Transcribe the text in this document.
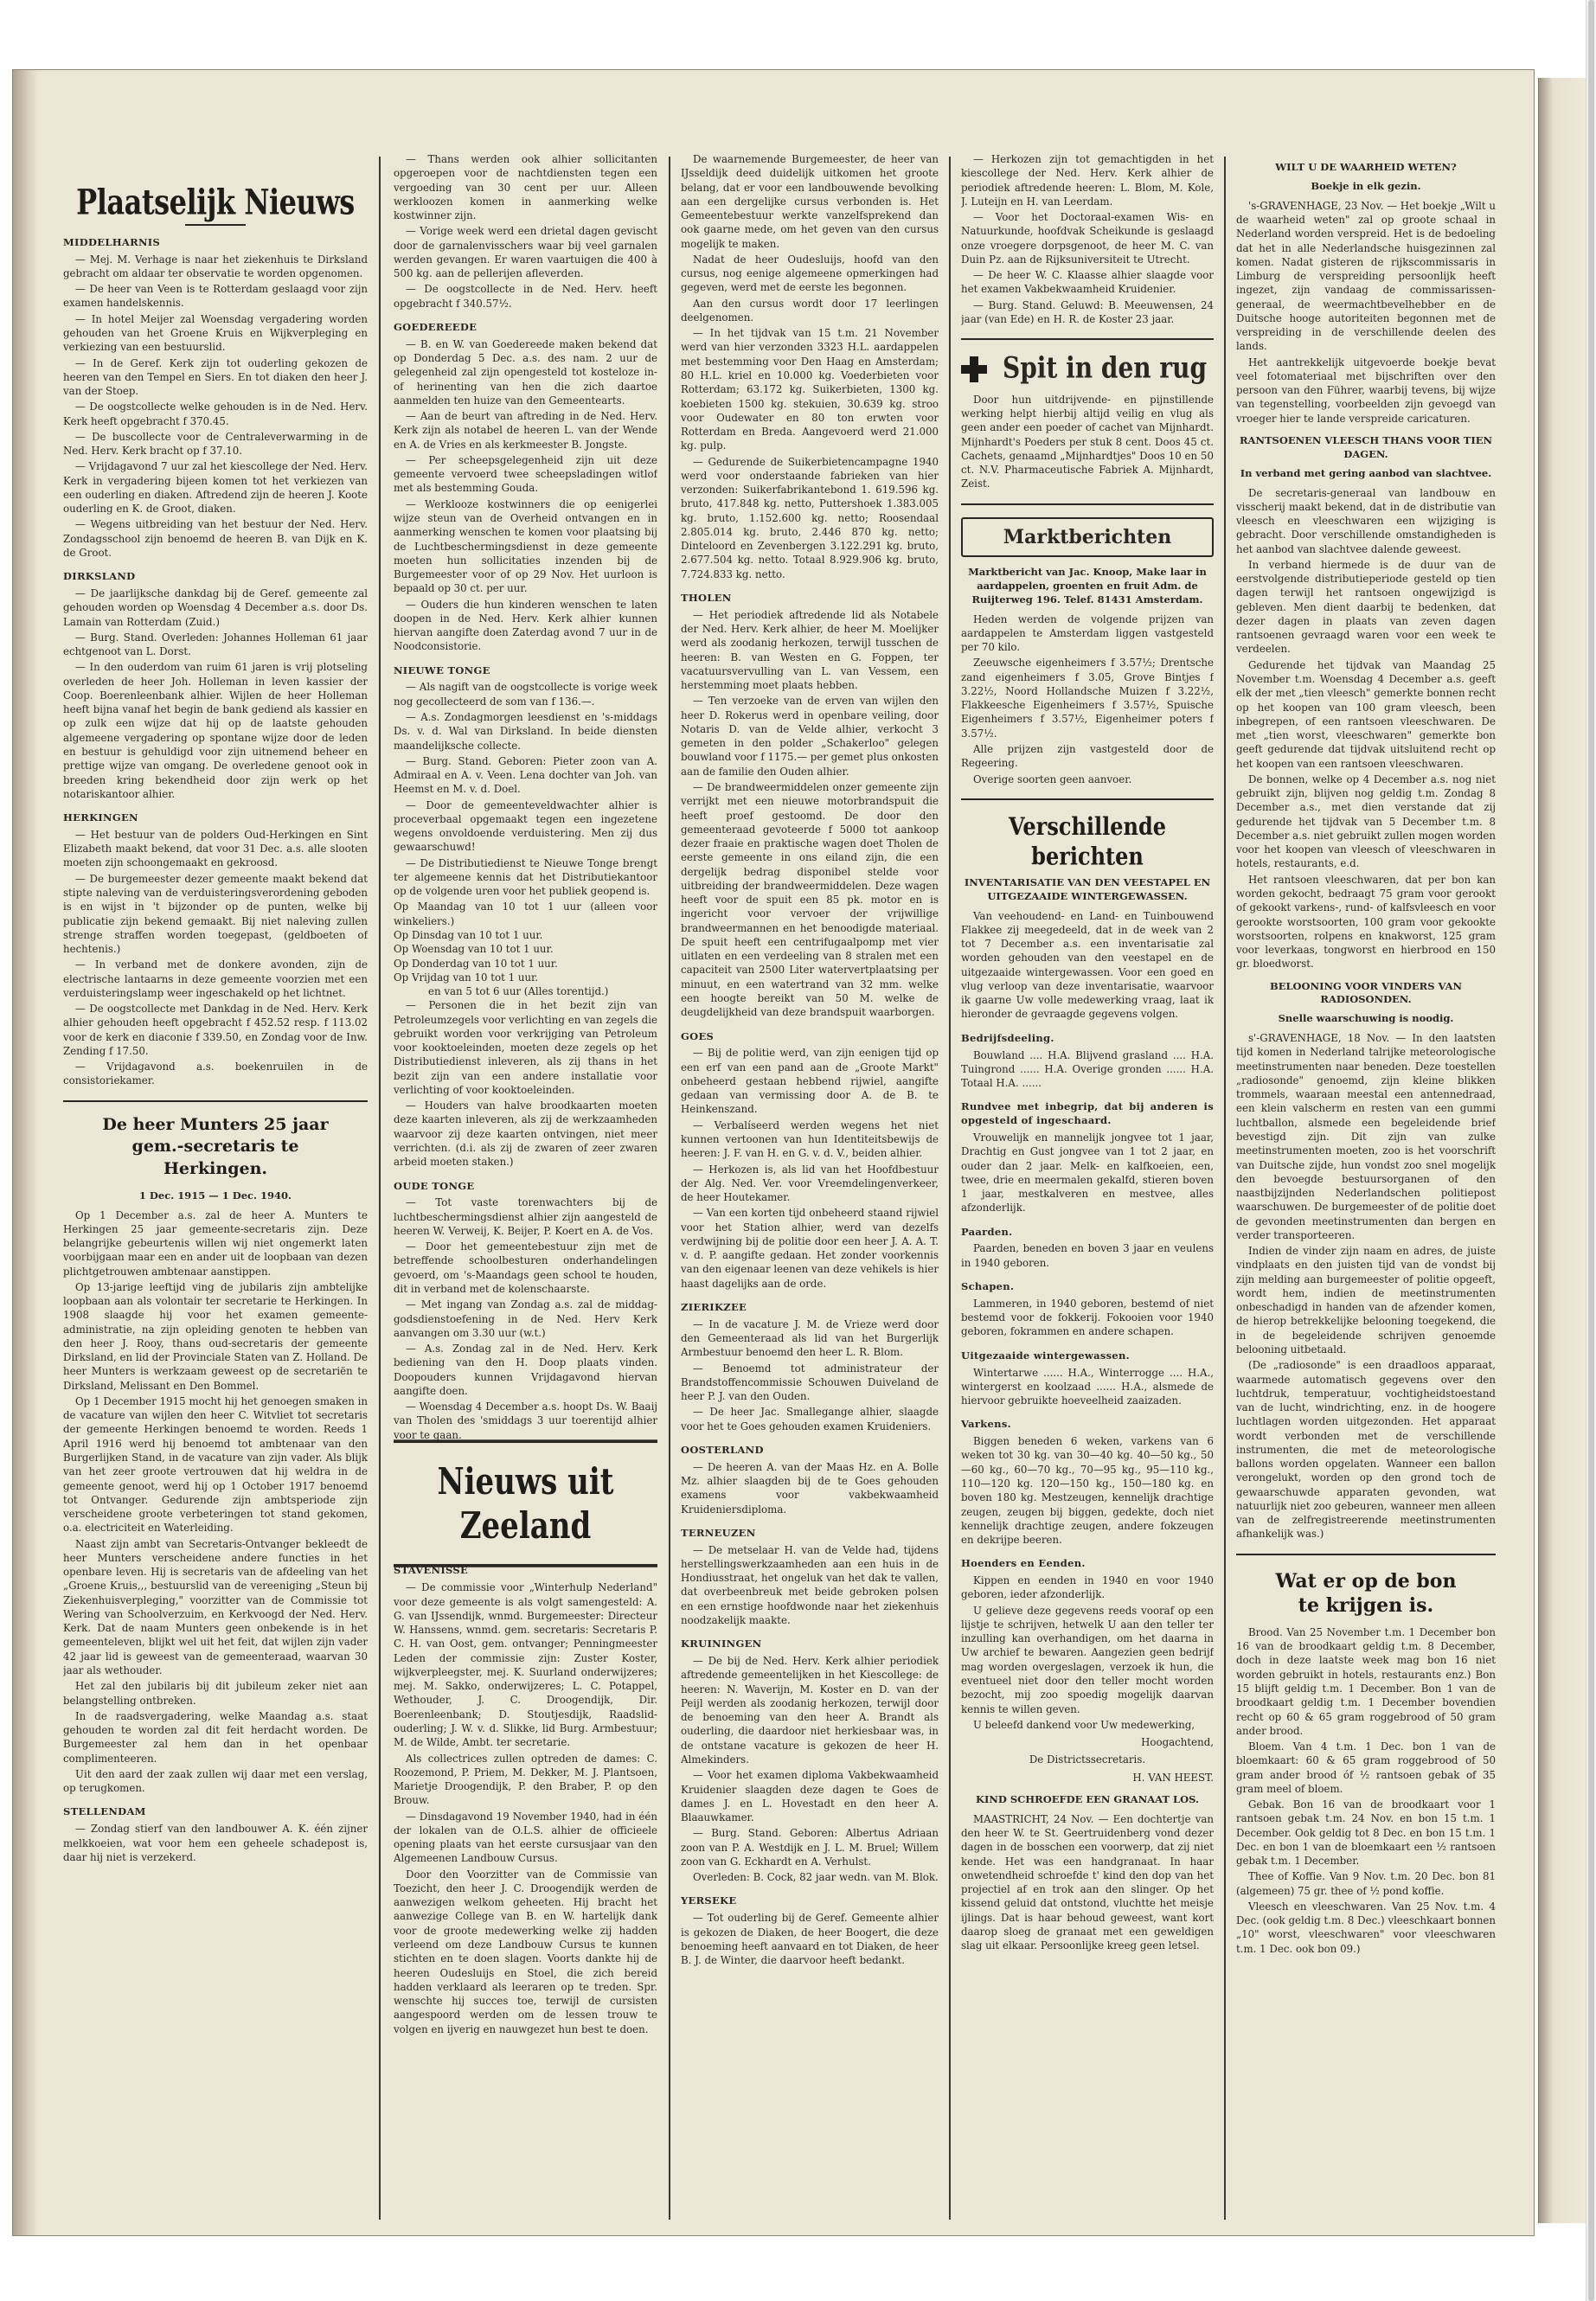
Plaatselijk Nieuws
MIDDELHARNIS

— Mej. M. Verhage is naar het ziekenhuis te Dirksland gebracht om aldaar ter observatie te worden opgenomen.

— De heer van Veen is te Rotterdam geslaagd voor zijn examen handelskennis.

— In hotel Meijer zal Woensdag vergadering worden gehouden van het Groene Kruis en Wijkverpleging en verkiezing van een bestuurslid.

— In de Geref. Kerk zijn tot ouderling gekozen de heeren van den Tempel en Siers. En tot diaken den heer J. van der Stoep.

— De oogstcollecte welke gehouden is in de Ned. Herv. Kerk heeft opgebracht f 370.45.

— De buscollecte voor de Centraleverwarming in de Ned. Herv. Kerk bracht op f 37.10.

— Vrijdagavond 7 uur zal het kiescollege der Ned. Herv. Kerk in vergadering bijeen komen tot het verkiezen van een ouderling en diaken. Aftredend zijn de heeren J. Koote ouderling en K. de Groot, diaken.

— Wegens uitbreiding van het bestuur der Ned. Herv. Zondagsschool zijn benoemd de heeren B. van Dijk en K. de Groot.

DIRKSLAND

— De jaarlijksche dankdag bij de Geref. gemeente zal gehouden worden op Woensdag 4 December a.s. door Ds. Lamain van Rotterdam (Zuid.)

— Burg. Stand. Overleden: Johannes Holleman 61 jaar echtgenoot van L. Dorst.

— In den ouderdom van ruim 61 jaren is vrij plotseling overleden de heer Joh. Holleman in leven kassier der Coop. Boerenleenbank alhier. Wijlen de heer Holleman heeft bijna vanaf het begin de bank gediend als kassier en op zulk een wijze dat hij op de laatste gehouden algemeene vergadering op spontane wijze door de leden en bestuur is gehuldigd voor zijn uitnemend beheer en prettige wijze van omgang. De overledene genoot ook in breeden kring bekendheid door zijn werk op het notariskantoor alhier.

HERKINGEN

— Het bestuur van de polders Oud-Herkingen en Sint Elizabeth maakt bekend, dat voor 31 Dec. a.s. alle slooten moeten zijn schoongemaakt en gekroosd.

— De burgemeester dezer gemeente maakt bekend dat stipte naleving van de verduisteringsverordening geboden is en wijst in 't bijzonder op de punten, welke bij publicatie zijn bekend gemaakt. Bij niet naleving zullen strenge straffen worden toegepast, (geldboeten of hechtenis.)

— In verband met de donkere avonden, zijn de electrische lantaarns in deze gemeente voorzien met een verduisteringslamp weer ingeschakeld op het lichtnet.

— De oogstcollecte met Dankdag in de Ned. Herv. Kerk alhier gehouden heeft opgebracht f 452.52 resp. f 113.02 voor de kerk en diaconie f 339.50, en Zondag voor de Inw. Zending f 17.50.

— Vrijdagavond a.s. boekenruilen in de consistoriekamer.

De heer Munters 25 jaar
gem.-secretaris te
Herkingen.
1 Dec. 1915 — 1 Dec. 1940.

Op 1 December a.s. zal de heer A. Munters te Herkingen 25 jaar gemeente-secretaris zijn. Deze belangrijke gebeurtenis willen wij niet ongemerkt laten voorbijgaan maar een en ander uit de loopbaan van dezen plichtgetrouwen ambtenaar aanstippen.

Op 13-jarige leeftijd ving de jubilaris zijn ambtelijke loopbaan aan als volontair ter secretarie te Herkingen. In 1908 slaagde hij voor het examen gemeente-administratie, na zijn opleiding genoten te hebben van den heer J. Rooy, thans oud-secretaris der gemeente Dirksland, en lid der Provinciale Staten van Z. Holland. De heer Munters is werkzaam geweest op de secretariën te Dirksland, Melissant en Den Bommel.

Op 1 December 1915 mocht hij het genoegen smaken in de vacature van wijlen den heer C. Witvliet tot secretaris der gemeente Herkingen benoemd te worden. Reeds 1 April 1916 werd hij benoemd tot ambtenaar van den Burgerlijken Stand, in de vacature van zijn vader. Als blijk van het zeer groote vertrouwen dat hij weldra in de gemeente genoot, werd hij op 1 October 1917 benoemd tot Ontvanger. Gedurende zijn ambtsperiode zijn verscheidene groote verbeteringen tot stand gekomen, o.a. electriciteit en Waterleiding.

Naast zijn ambt van Secretaris-Ontvanger bekleedt de heer Munters verscheidene andere functies in het openbare leven. Hij is secretaris van de afdeeling van het „Groene Kruis,,, bestuurslid van de vereeniging „Steun bij Ziekenhuisverpleging," voorzitter van de Commissie tot Wering van Schoolverzuim, en Kerkvoogd der Ned. Herv. Kerk. Dat de naam Munters geen onbekende is in het gemeenteleven, blijkt wel uit het feit, dat wijlen zijn vader 42 jaar lid is geweest van de gemeenteraad, waarvan 30 jaar als wethouder.

Het zal den jubilaris bij dit jubileum zeker niet aan belangstelling ontbreken.

In de raadsvergadering, welke Maandag a.s. staat gehouden te worden zal dit feit herdacht worden. De Burgemeester zal hem dan in het openbaar complimenteeren.

Uit den aard der zaak zullen wij daar met een verslag, op terugkomen.

STELLENDAM

— Zondag stierf van den landbouwer A. K. één zijner melkkoeien, wat voor hem een geheele schadepost is, daar hij niet is verzekerd.

— Thans werden ook alhier sollicitanten opgeroepen voor de nachtdiensten tegen een vergoeding van 30 cent per uur. Alleen werkloozen komen in aanmerking welke kostwinner zijn.

— Vorige week werd een drietal dagen gevischt door de garnalenvisschers waar bij veel garnalen werden gevangen. Er waren vaartuigen die 400 à 500 kg. aan de pellerijen afleverden.

— De oogstcollecte in de Ned. Herv. heeft opgebracht f 340.57½.

GOEDEREEDE

— B. en W. van Goedereede maken bekend dat op Donderdag 5 Dec. a.s. des nam. 2 uur de gelegenheid zal zijn opengesteld tot kosteloze in- of herinenting van hen die zich daartoe aanmelden ten huize van den Gemeentearts.

— Aan de beurt van aftreding in de Ned. Herv. Kerk zijn als notabel de heeren L. van der Wende en A. de Vries en als kerkmeester B. Jongste.

— Per scheepsgelegenheid zijn uit deze gemeente vervoerd twee scheepsladingen witlof met als bestemming Gouda.

— Werklooze kostwinners die op eenigerlei wijze steun van de Overheid ontvangen en in aanmerking wenschen te komen voor plaatsing bij de Luchtbeschermingsdienst in deze gemeente moeten hun sollicitaties inzenden bij de Burgemeester voor of op 29 Nov. Het uurloon is bepaald op 30 ct. per uur.

— Ouders die hun kinderen wenschen te laten doopen in de Ned. Herv. Kerk alhier kunnen hiervan aangifte doen Zaterdag avond 7 uur in de Noodconsistorie.

NIEUWE TONGE

— Als nagift van de oogstcollecte is vorige week nog gecollecteerd de som van f 136.—.

— A.s. Zondagmorgen leesdienst en 's-middags Ds. v. d. Wal van Dirksland. In beide diensten maandelijksche collecte.

— Burg. Stand. Geboren: Pieter zoon van A. Admiraal en A. v. Veen. Lena dochter van Joh. van Heemst en M. v. d. Doel.

— Door de gemeenteveldwachter alhier is proceverbaal opgemaakt tegen een ingezetene wegens onvoldoende verduistering. Men zij dus gewaarschuwd!

— De Distributiedienst te Nieuwe Tonge brengt ter algemeene kennis dat het Distributiekantoor op de volgende uren voor het publiek geopend is.

Op Maandag van 10 tot 1 uur (alleen voor winkeliers.)
Op Dinsdag van 10 tot 1 uur.
Op Woensdag van 10 tot 1 uur.
Op Donderdag van 10 tot 1 uur.
Op Vrijdag van 10 tot 1 uur.
en van 5 tot 6 uur (Alles torentijd.)

— Personen die in het bezit zijn van Petroleumzegels voor verlichting en van zegels die gebruikt worden voor verkrijging van Petroleum voor kooktoeleinden, moeten deze zegels op het Distributiedienst inleveren, als zij thans in het bezit zijn van een andere installatie voor verlichting of voor kooktoeleinden.

— Houders van halve broodkaarten moeten deze kaarten inleveren, als zij de werkzaamheden waarvoor zij deze kaarten ontvingen, niet meer verrichten. (d.i. als zij de zwaren of zeer zwaren arbeid moeten staken.)

OUDE TONGE

— Tot vaste torenwachters bij de luchtbeschermingsdienst alhier zijn aangesteld de heeren W. Verweij, K. Beijer, P. Koert en A. de Vos.

— Door het gemeentebestuur zijn met de betreffende schoolbesturen onderhandelingen gevoerd, om 's-Maandags geen school te houden, dit in verband met de kolenschaarste.

— Met ingang van Zondag a.s. zal de middag-godsdienstoefening in de Ned. Herv Kerk aanvangen om 3.30 uur (w.t.)

— A.s. Zondag zal in de Ned. Herv. Kerk bediening van den H. Doop plaats vinden. Doopouders kunnen Vrijdagavond hiervan aangifte doen.

— Woensdag 4 December a.s. hoopt Ds. W. Baaij van Tholen des 'smiddags 3 uur toerentijd alhier voor te gaan.

Nieuws uit Zeeland
STAVENISSE

— De commissie voor „Winterhulp Nederland" voor deze gemeente is als volgt samengesteld: A. G. van IJssendijk, wnmd. Burgemeester: Directeur W. Hanssens, wnmd. gem. secretaris: Secretaris P. C. H. van Oost, gem. ontvanger; Penningmeester Leden der commissie zijn: Zuster Koster, wijkverpleegster, mej. K. Suurland onderwijzeres; mej. M. Sakko, onderwijzeres; L. C. Potappel, Wethouder, J. C. Droogendijk, Dir. Boerenleenbank; D. Stoutjesdijk, Raadslid-ouderling; J. W. v. d. Slikke, lid Burg. Armbestuur; M. de Wilde, Ambt. ter secretarie.

Als collectrices zullen optreden de dames: C. Roozemond, P. Priem, M. Dekker, M. J. Plantsoen, Marietje Droogendijk, P. den Braber, P. op den Brouw.

— Dinsdagavond 19 November 1940, had in één der lokalen van de O.L.S. alhier de officieele opening plaats van het eerste cursusjaar van den Algemeenen Landbouw Cursus.

Door den Voorzitter van de Commissie van Toezicht, den heer J. C. Droogendijk werden de aanwezigen welkom geheeten. Hij bracht het aanwezige College van B. en W. hartelijk dank voor de groote medewerking welke zij hadden verleend om deze Landbouw Cursus te kunnen stichten en te doen slagen. Voorts dankte hij de heeren Oudesluijs en Stoel, die zich bereid hadden verklaard als leeraren op te treden. Spr. wenschte hij succes toe, terwijl de cursisten aangespoord werden om de lessen trouw te volgen en ijverig en nauwgezet hun best te doen.

De waarnemende Burgemeester, de heer van IJsseldijk deed duidelijk uitkomen het groote belang, dat er voor een landbouwende bevolking aan een dergelijke cursus verbonden is. Het Gemeentebestuur werkte vanzelfsprekend dan ook gaarne mede, om het geven van den cursus mogelijk te maken.

Nadat de heer Oudesluijs, hoofd van den cursus, nog eenige algemeene opmerkingen had gegeven, werd met de eerste les begonnen.

Aan den cursus wordt door 17 leerlingen deelgenomen.

— In het tijdvak van 15 t.m. 21 November werd van hier verzonden 3323 H.L. aardappelen met bestemming voor Den Haag en Amsterdam; 80 H.L. kriel en 10.000 kg. Voederbieten voor Rotterdam; 63.172 kg. Suikerbieten, 1300 kg. koebieten 1500 kg. stekuien, 30.639 kg. stroo voor Oudewater en 80 ton erwten voor Rotterdam en Breda. Aangevoerd werd 21.000 kg. pulp.

— Gedurende de Suikerbietencampagne 1940 werd voor onderstaande fabrieken van hier verzonden: Suikerfabrikantebond 1. 619.596 kg. bruto, 417.848 kg. netto, Puttershoek 1.383.005 kg. bruto, 1.152.600 kg. netto; Roosendaal 2.805.014 kg. bruto, 2.446 870 kg. netto; Dinteloord en Zevenbergen 3.122.291 kg. bruto, 2.677.504 kg. netto. Totaal 8.929.906 kg. bruto, 7.724.833 kg. netto.

THOLEN

— Het periodiek aftredende lid als Notabele der Ned. Herv. Kerk alhier, de heer M. Moelijker werd als zoodanig herkozen, terwijl tusschen de heeren: B. van Westen en G. Foppen, ter vacatuursvervulling van L. van Vessem, een herstemming moet plaats hebben.

— Ten verzoeke van de erven van wijlen den heer D. Rokerus werd in openbare veiling, door Notaris D. van de Velde alhier, verkocht 3 gemeten in den polder „Schakerloo" gelegen bouwland voor f 1175.— per gemet plus onkosten aan de familie den Ouden alhier.

— De brandweermiddelen onzer gemeente zijn verrijkt met een nieuwe motorbrandspuit die heeft proef gestoomd. De door den gemeenteraad gevoteerde f 5000 tot aankoop dezer fraaie en praktische wagen doet Tholen de eerste gemeente in ons eiland zijn, die een dergelijk bedrag disponibel stelde voor uitbreiding der brandweermiddelen. Deze wagen heeft voor de spuit een 85 pk. motor en is ingericht voor vervoer der vrijwillige brandweermannen en het benoodigde materiaal. De spuit heeft een centrifugaalpomp met vier uitlaten en een verdeeling van 8 stralen met een capaciteit van 2500 Liter watervertplaatsing per minuut, en een watertrand van 32 mm. welke een hoogte bereikt van 50 M. welke de deugdelijkheid van deze brandspuit waarborgen.

GOES

— Bij de politie werd, van zijn eenigen tijd op een erf van een pand aan de „Groote Markt" onbeheerd gestaan hebbend rijwiel, aangifte gedaan van vermissing door A. de B. te Heinkenszand.

— Verbalíseerd werden wegens het niet kunnen vertoonen van hun Identiteitsbewijs de heeren: J. F. van H. en G. v. d. V., beiden alhier.

— Herkozen is, als lid van het Hoofdbestuur der Alg. Ned. Ver. voor Vreemdelingenverkeer, de heer Houtekamer.

— Van een korten tijd onbeheerd staand rijwiel voor het Station alhier, werd van dezelfs verdwijning bij de politie door een heer J. A. A. T. v. d. P. aangifte gedaan. Het zonder voorkennis van den eigenaar leenen van deze vehikels is hier haast dagelijks aan de orde.

ZIERIKZEE

— In de vacature J. M. de Vrieze werd door den Gemeenteraad als lid van het Burgerlijk Armbestuur benoemd den heer L. R. Blom.

— Benoemd tot administrateur der Brandstoffencommissie Schouwen Duiveland de heer P. J. van den Ouden.

— De heer Jac. Smallegange alhier, slaagde voor het te Goes gehouden examen Kruideniers.

OOSTERLAND

— De heeren A. van der Maas Hz. en A. Bolle Mz. alhier slaagden bij de te Goes gehouden examens voor vakbekwaamheid Kruideniersdiploma.

TERNEUZEN

— De metselaar H. van de Velde had, tijdens herstellingswerkzaamheden aan een huis in de Hondiusstraat, het ongeluk van het dak te vallen, dat overbeenbreuk met beide gebroken polsen en een ernstige hoofdwonde naar het ziekenhuis noodzakelijk maakte.

KRUININGEN

— De bij de Ned. Herv. Kerk alhier periodiek aftredende gemeentelijken in het Kiescollege: de heeren: N. Waverijn, M. Koster en D. van der Peijl werden als zoodanig herkozen, terwijl door de benoeming van den heer A. Brandt als ouderling, die daardoor niet herkiesbaar was, in de ontstane vacature is gekozen de heer H. Almekinders.

— Voor het examen diploma Vakbekwaamheid Kruidenier slaagden deze dagen te Goes de dames J. en L. Hovestadt en den heer A. Blaauwkamer.

— Burg. Stand. Geboren: Albertus Adriaan zoon van P. A. Westdijk en J. L. M. Bruel; Willem zoon van G. Eckhardt en A. Verhulst.

Overleden: B. Cock, 82 jaar wedn. van M. Blok.

YERSEKE

— Tot ouderling bij de Geref. Gemeente alhier is gekozen de Diaken, de heer Boogert, die deze benoeming heeft aanvaard en tot Diaken, de heer B. J. de Winter, die daarvoor heeft bedankt.

— Herkozen zijn tot gemachtigden in het kiescollege der Ned. Herv. Kerk alhier de periodiek aftredende heeren: L. Blom, M. Kole, J. Luteijn en H. van Leerdam.

— Voor het Doctoraal-examen Wis- en Natuurkunde, hoofdvak Scheikunde is geslaagd onze vroegere dorpsgenoot, de heer M. C. van Duin Pz. aan de Rijksuniversiteit te Utrecht.

— De heer W. C. Klaasse alhier slaagde voor het examen Vakbekwaamheid Kruidenier.

— Burg. Stand. Geluwd: B. Meeuwensen, 24 jaar (van Ede) en H. R. de Koster 23 jaar.

Spit in den rug

Door hun uitdrijvende- en pijnstillende werking helpt hierbij altijd veilig en vlug als geen ander een poeder of cachet van Mijnhardt. Mijnhardt's Poeders per stuk 8 cent. Doos 45 ct. Cachets, genaamd „Mijnhardtjes" Doos 10 en 50 ct. N.V. Pharmaceutische Fabriek A. Mijnhardt, Zeist.

Marktberichten
Marktbericht van Jac. Knoop, Make laar in aardappelen, groenten en fruit Adm. de Ruijterweg 196. Telef. 81431 Amsterdam.

Heden werden de volgende prijzen van aardappelen te Amsterdam liggen vastgesteld per 70 kilo.

Zeeuwsche eigenheimers f 3.57½; Drentsche zand eigenheimers f 3.05, Grove Bintjes f 3.22½, Noord Hollandsche Muizen f 3.22½, Flakkeesche Eigenheimers f 3.57½, Spuische Eigenheimers f 3.57½, Eigenheimer poters f 3.57½.

Alle prijzen zijn vastgesteld door de Regeering.

Overige soorten geen aanvoer.

Verschillende berichten
INVENTARISATIE VAN DEN VEESTAPEL EN UITGEZAAIDE WINTERGEWASSEN.

Van veehoudend- en Land- en Tuinbouwend Flakkee zij meegedeeld, dat in de week van 2 tot 7 December a.s. een inventarisatie zal worden gehouden van den veestapel en de uitgezaaide wintergewassen. Voor een goed en vlug verloop van deze inventarisatie, waarvoor ik gaarne Uw volle medewerking vraag, laat ik hieronder de gevraagde gegevens volgen.

Bedrijfsdeeling.

Bouwland .... H.A. Blijvend grasland .... H.A. Tuingrond ...... H.A. Overige gronden ...... H.A. Totaal H.A. ......

Rundvee met inbegrip, dat bij anderen is opgesteld of ingeschaard.

Vrouwelijk en mannelijk jongvee tot 1 jaar, Drachtig en Gust jongvee van 1 tot 2 jaar, en ouder dan 2 jaar. Melk- en kalfkoeien, een, twee, drie en meermalen gekalfd, stieren boven 1 jaar, mestkalveren en mestvee, alles afzonderlijk.

Paarden.

Paarden, beneden en boven 3 jaar en veulens in 1940 geboren.

Schapen.

Lammeren, in 1940 geboren, bestemd of niet bestemd voor de fokkerij. Fokooien voor 1940 geboren, fokrammen en andere schapen.

Uitgezaaide wintergewassen.

Wintertarwe ...... H.A., Winterrogge .... H.A., wintergerst en koolzaad ...... H.A., alsmede de hiervoor gebruikte hoeveelheid zaaizaden.

Varkens.

Biggen beneden 6 weken, varkens van 6 weken tot 30 kg. van 30—40 kg. 40—50 kg., 50—60 kg., 60—70 kg., 70—95 kg., 95—110 kg., 110—120 kg. 120—150 kg., 150—180 kg. en boven 180 kg. Mestzeugen, kennelijk drachtige zeugen, zeugen bij biggen, gedekte, doch niet kennelijk drachtige zeugen, andere fokzeugen en dekrijpe beeren.

Hoenders en Eenden.

Kippen en eenden in 1940 en voor 1940 geboren, ieder afzonderlijk.

U gelieve deze gegevens reeds vooraf op een lijstje te schrijven, hetwelk U aan den teller ter inzulling kan overhandigen, om het daarna in Uw archief te bewaren. Aangezien geen bedrijf mag worden overgeslagen, verzoek ik hun, die eventueel niet door den teller mocht worden bezocht, mij zoo spoedig mogelijk daarvan kennis te willen geven.

U beleefd dankend voor Uw medewerking,

Hoogachtend,
De Districtssecretaris.
H. VAN HEEST.
KIND SCHROEFDE EEN GRANAAT LOS.

MAASTRICHT, 24 Nov. — Een dochtertje van den heer W. te St. Geertruidenberg vond dezer dagen in de bosschen een voorwerp, dat zij niet kende. Het was een handgranaat. In haar onwetendheid schroefde t' kind den dop van het projectiel af en trok aan den slinger. Op het kissend geluid dat ontstond, vluchtte het meisje ijlings. Dat is haar behoud geweest, want kort daarop sloeg de granaat met een geweldigen slag uit elkaar. Persoonlijke kreeg geen letsel.

WILT U DE WAARHEID WETEN?
Boekje in elk gezin.

's-GRAVENHAGE, 23 Nov. — Het boekje „Wilt u de waarheid weten" zal op groote schaal in Nederland worden verspreid. Het is de bedoeling dat het in alle Nederlandsche huisgezinnen zal komen. Nadat gisteren de rijkscommissaris in Limburg de verspreiding persoonlijk heeft ingezet, zijn vandaag de commissarissen-generaal, de weermachtbevelhebber en de Duitsche hooge autoriteiten begonnen met de verspreiding in de verschillende deelen des lands.

Het aantrekkelijk uitgevoerde boekje bevat veel fotomateriaal met bijschriften over den persoon van den Führer, waarbij tevens, bij wijze van tegenstelling, voorbeelden zijn gevoegd van vroeger hier te lande verspreide caricaturen.

RANTSOENEN VLEESCH THANS VOOR TIEN DAGEN.
In verband met gering aanbod van slachtvee.

De secretaris-generaal van landbouw en visscherij maakt bekend, dat in de distributie van vleesch en vleeschwaren een wijziging is gebracht. Door verschillende omstandigheden is het aanbod van slachtvee dalende geweest.

In verband hiermede is de duur van de eerstvolgende distributieperiode gesteld op tien dagen terwijl het rantsoen ongewijzigd is gebleven. Men dient daarbij te bedenken, dat dezer dagen in plaats van zeven dagen rantsoenen gevraagd waren voor een week te verdeelen.

Gedurende het tijdvak van Maandag 25 November t.m. Woensdag 4 December a.s. geeft elk der met „tien vleesch" gemerkte bonnen recht op het koopen van 100 gram vleesch, been inbegrepen, of een rantsoen vleeschwaren. De met „tien worst, vleeschwaren" gemerkte bon geeft gedurende dat tijdvak uitsluitend recht op het koopen van een rantsoen vleeschwaren.

De bonnen, welke op 4 December a.s. nog niet gebruikt zijn, blijven nog geldig t.m. Zondag 8 December a.s., met dien verstande dat zij gedurende het tijdvak van 5 December t.m. 8 December a.s. niet gebruikt zullen mogen worden voor het koopen van vleesch of vleeschwaren in hotels, restaurants, e.d.

Het rantsoen vleeschwaren, dat per bon kan worden gekocht, bedraagt 75 gram voor gerookt of gekookt varkens-, rund- of kalfsvleesch en voor gerookte worstsoorten, 100 gram voor gekookte worstsoorten, rolpens en knakworst, 125 gram voor leverkaas, tongworst en hierbrood en 150 gr. bloedworst.

BELOONING VOOR VINDERS VAN RADIOSONDEN.
Snelle waarschuwing is noodig.

s'-GRAVENHAGE, 18 Nov. — In den laatsten tijd komen in Nederland talrijke meteorologische meetinstrumenten naar beneden. Deze toestellen „radiosonde" genoemd, zijn kleine blikken trommels, waaraan meestal een antennedraad, een klein valscherm en resten van een gummi luchtballon, alsmede een begeleidende brief bevestigd zijn. Dit zijn van zulke meetinstrumenten moeten, zoo is het voorschrift van Duitsche zijde, hun vondst zoo snel mogelijk den bevoegde bestuursorganen of den naastbijzijnden Nederlandschen politiepost waarschuwen. De burgemeester of de politie doet de gevonden meetinstrumenten dan bergen en verder transporteeren.

Indien de vinder zijn naam en adres, de juiste vindplaats en den juisten tijd van de vondst bij zijn melding aan burgemeester of politie opgeeft, wordt hem, indien de meetinstrumenten onbeschadigd in handen van de afzender komen, de hierop betrekkelijke belooning toegekend, die in de begeleidende schrijven genoemde belooning uitbetaald.

(De „radiosonde" is een draadloos apparaat, waarmede automatisch gegevens over den luchtdruk, temperatuur, vochtigheidstoestand van de lucht, windrichting, enz. in de hoogere luchtlagen worden uitgezonden. Het apparaat wordt verbonden met de verschillende instrumenten, die met de meteorologische ballons worden opgelaten. Wanneer een ballon verongelukt, worden op den grond toch de gewaarschuwde apparaten gevonden, wat natuurlijk niet zoo gebeuren, wanneer men alleen van de zelfregistreerende meetinstrumenten afhankelijk was.)

Wat er op de bon
te krijgen is.

Brood. Van 25 November t.m. 1 December bon 16 van de broodkaart geldig t.m. 8 December, doch in deze laatste week mag bon 16 niet worden gebruikt in hotels, restaurants enz.) Bon 15 blijft geldig t.m. 1 December. Bon 1 van de broodkaart geldig t.m. 1 December bovendien recht op 60 & 65 gram roggebrood of 50 gram ander brood.

Bloem. Van 4 t.m. 1 Dec. bon 1 van de bloemkaart: 60 & 65 gram roggebrood of 50 gram ander brood óf ½ rantsoen gebak of 35 gram meel of bloem.

Gebak. Bon 16 van de broodkaart voor 1 rantsoen gebak t.m. 24 Nov. en bon 15 t.m. 1 December. Ook geldig tot 8 Dec. en bon 15 t.m. 1 Dec. en bon 1 van de bloemkaart een ½ rantsoen gebak t.m. 1 December.

Thee of Koffie. Van 9 Nov. t.m. 20 Dec. bon 81 (algemeen) 75 gr. thee of ½ pond koffie.

Vleesch en vleeschwaren. Van 25 Nov. t.m. 4 Dec. (ook geldig t.m. 8 Dec.) vleeschkaart bonnen „10" worst, vleeschwaren" voor vleeschwaren t.m. 1 Dec. ook bon 09.)
